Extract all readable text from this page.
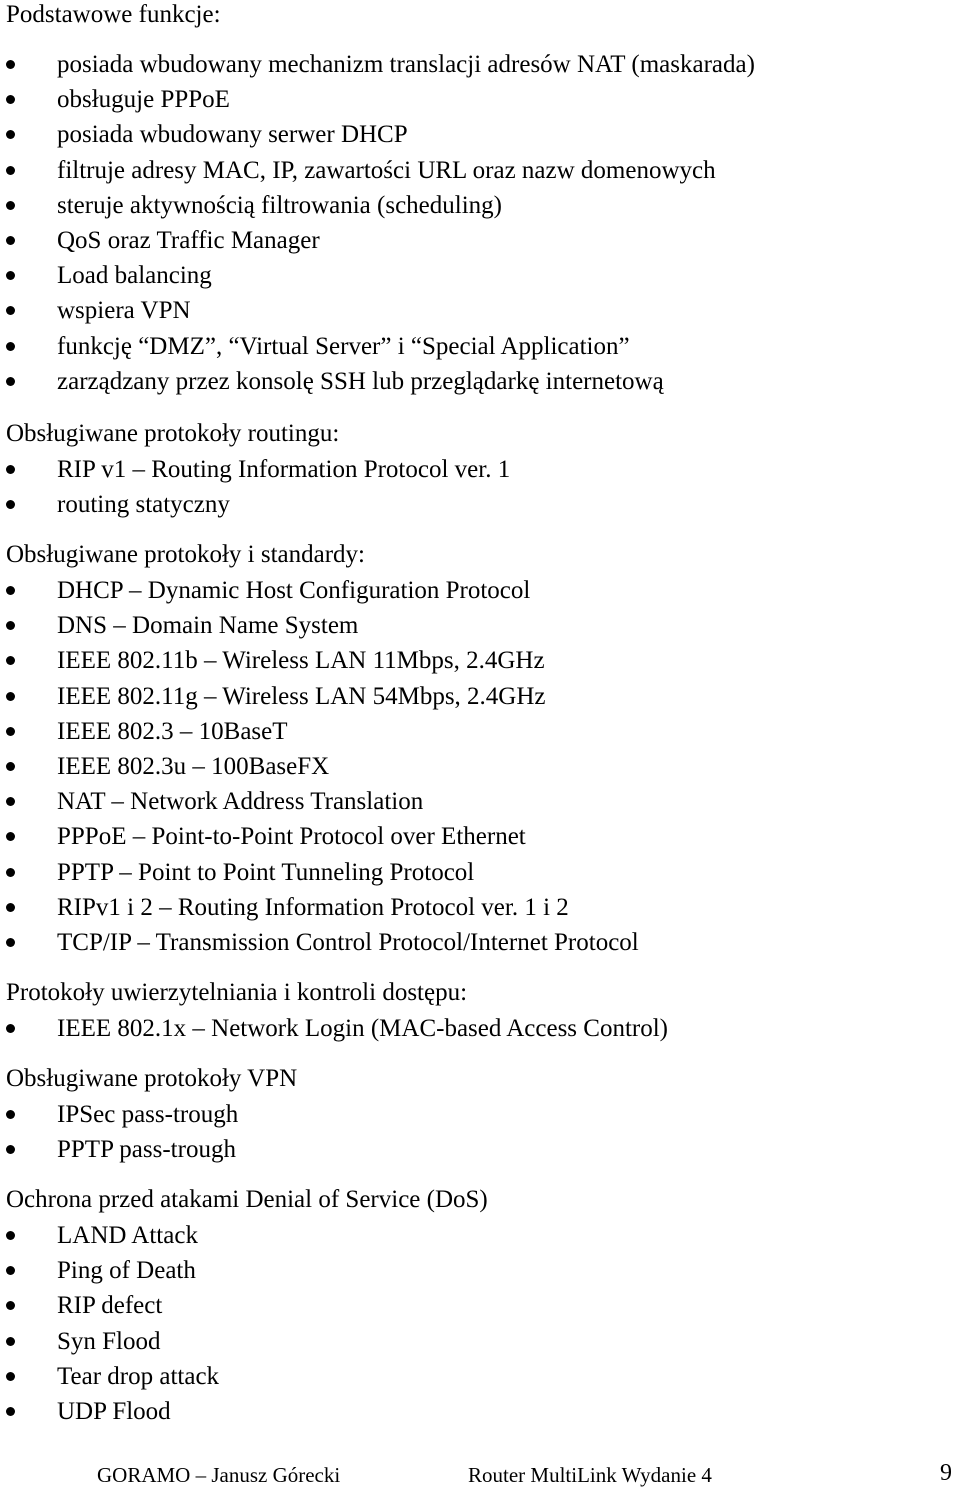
Podstawowe funkcje:
posiada wbudowany mechanizm translacji adresów NAT (maskarada)
obsługuje PPPoE
posiada wbudowany serwer DHCP
filtruje adresy MAC, IP, zawartości URL oraz nazw domenowych
steruje aktywnością filtrowania (scheduling)
QoS oraz Traffic Manager
Load balancing
wspiera VPN
funkcję “DMZ”, “Virtual Server” i “Special Application”
zarządzany przez konsolę SSH lub przeglądarkę internetową
Obsługiwane protokoły routingu:
RIP v1 – Routing Information Protocol ver. 1
routing statyczny
Obsługiwane protokoły i standardy:
DHCP – Dynamic Host Configuration Protocol
DNS – Domain Name System
IEEE 802.11b – Wireless LAN 11Mbps, 2.4GHz
IEEE 802.11g – Wireless LAN 54Mbps, 2.4GHz
IEEE 802.3 – 10BaseT
IEEE 802.3u – 100BaseFX
NAT – Network Address Translation
PPPoE – Point-to-Point Protocol over Ethernet
PPTP – Point to Point Tunneling Protocol
RIPv1 i 2 – Routing Information Protocol ver. 1 i 2
TCP/IP – Transmission Control Protocol/Internet Protocol
Protokoły uwierzytelniania i kontroli dostępu:
IEEE 802.1x – Network Login (MAC-based Access Control)
Obsługiwane protokoły VPN
IPSec pass-trough
PPTP pass-trough
Ochrona przed atakami Denial of Service (DoS)
LAND Attack
Ping of Death
RIP defect
Syn Flood
Tear drop attack
UDP Flood
GORAMO – Janusz Górecki	Router MultiLink Wydanie 4	9
